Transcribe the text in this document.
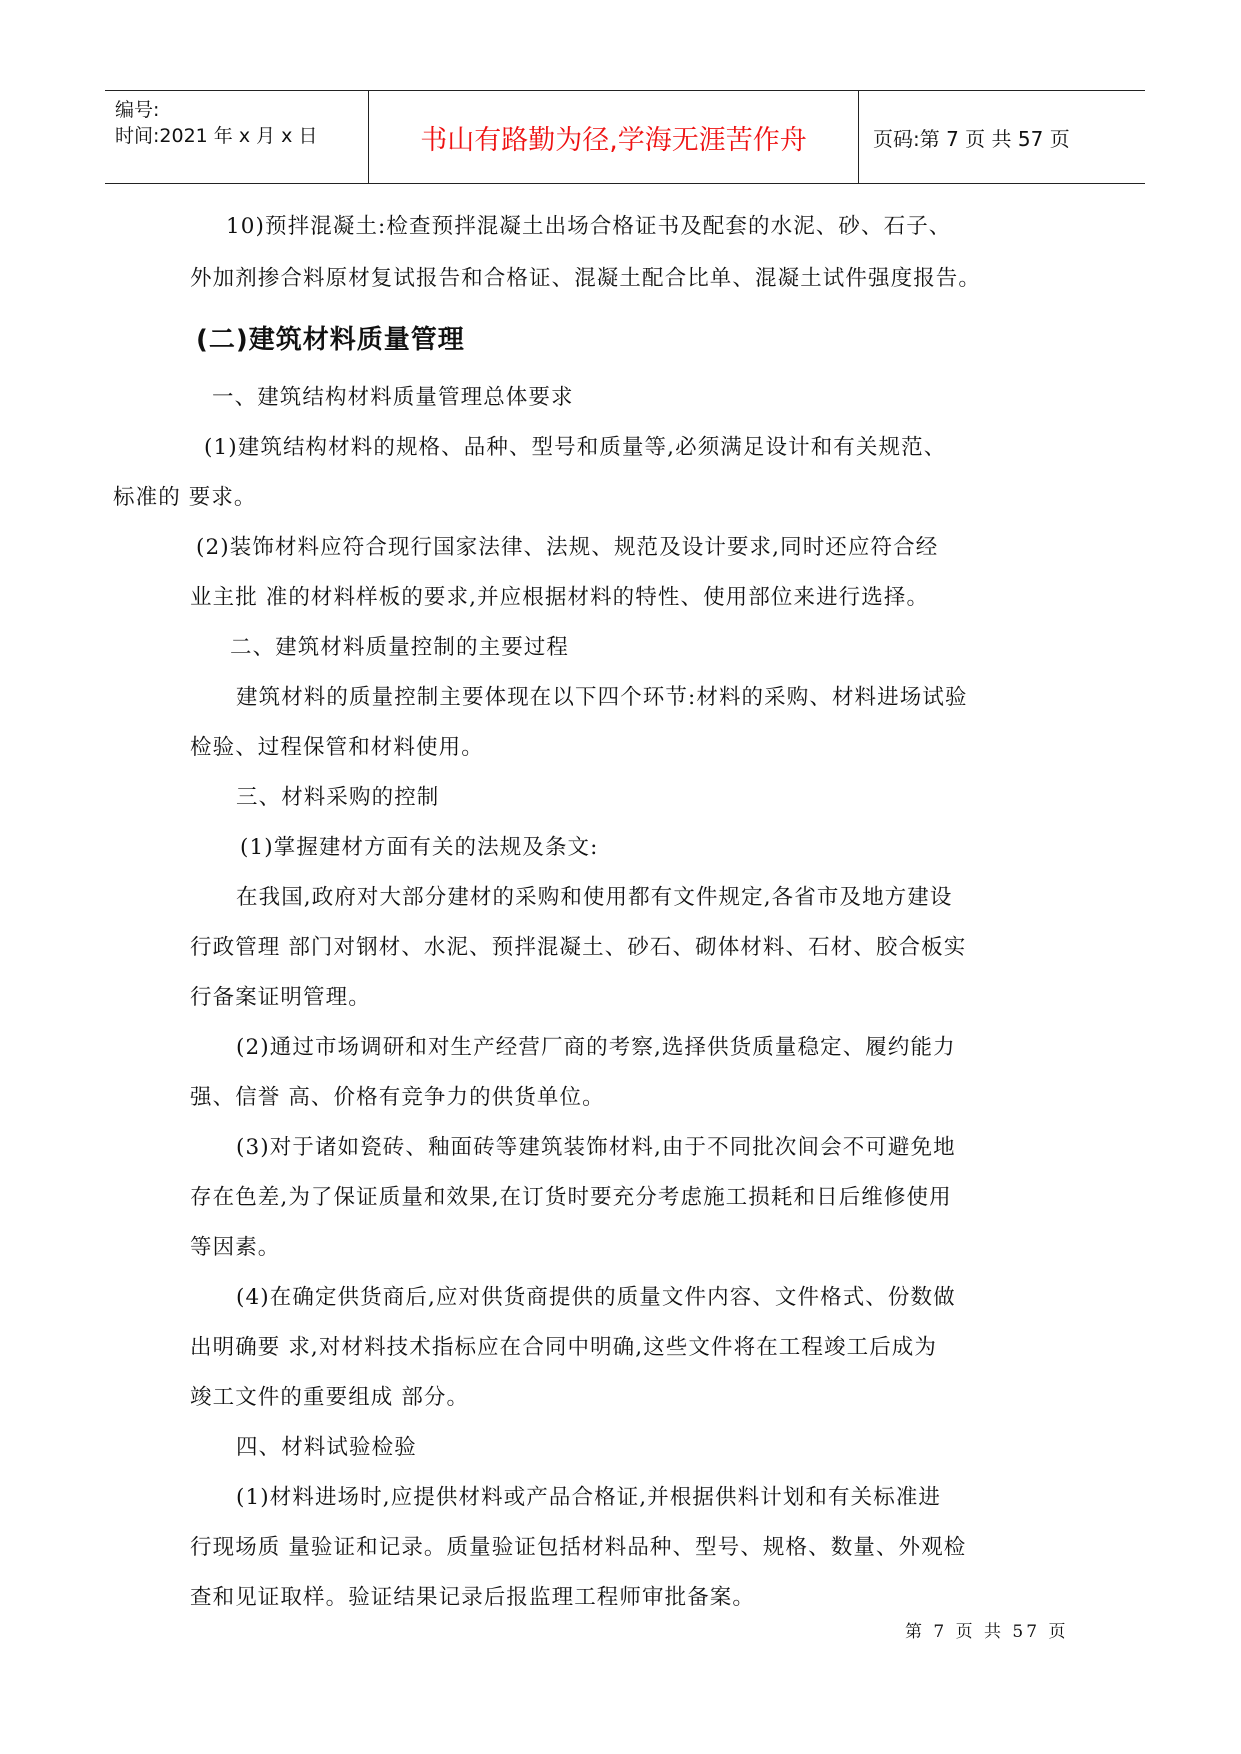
编号:
时间:2021 年 x 月 x 日	书山有路勤为径,学海无涯苦作舟	页码:第 7 页 共 57 页
10)预拌混凝土:检查预拌混凝土出场合格证书及配套的水泥、砂、石子、
外加剂掺合料原材复试报告和合格证、混凝土配合比单、混凝土试件强度报告。
(二)建筑材料质量管理
一、建筑结构材料质量管理总体要求
(1)建筑结构材料的规格、品种、型号和质量等,必须满足设计和有关规范、
标准的 要求。
(2)装饰材料应符合现行国家法律、法规、规范及设计要求,同时还应符合经
业主批 准的材料样板的要求,并应根据材料的特性、使用部位来进行选择。
二、建筑材料质量控制的主要过程
建筑材料的质量控制主要体现在以下四个环节:材料的采购、材料进场试验
检验、过程保管和材料使用。
三、材料采购的控制
(1)掌握建材方面有关的法规及条文:
在我国,政府对大部分建材的采购和使用都有文件规定,各省市及地方建设
行政管理 部门对钢材、水泥、预拌混凝土、砂石、砌体材料、石材、胶合板实
行备案证明管理。
(2)通过市场调研和对生产经营厂商的考察,选择供货质量稳定、履约能力
强、信誉 高、价格有竞争力的供货单位。
(3)对于诸如瓷砖、釉面砖等建筑装饰材料,由于不同批次间会不可避免地
存在色差,为了保证质量和效果,在订货时要充分考虑施工损耗和日后维修使用
等因素。
(4)在确定供货商后,应对供货商提供的质量文件内容、文件格式、份数做
出明确要 求,对材料技术指标应在合同中明确,这些文件将在工程竣工后成为
竣工文件的重要组成 部分。
四、材料试验检验
(1)材料进场时,应提供材料或产品合格证,并根据供料计划和有关标准进
行现场质 量验证和记录。质量验证包括材料品种、型号、规格、数量、外观检
查和见证取样。验证结果记录后报监理工程师审批备案。
第 7 页 共 57 页
